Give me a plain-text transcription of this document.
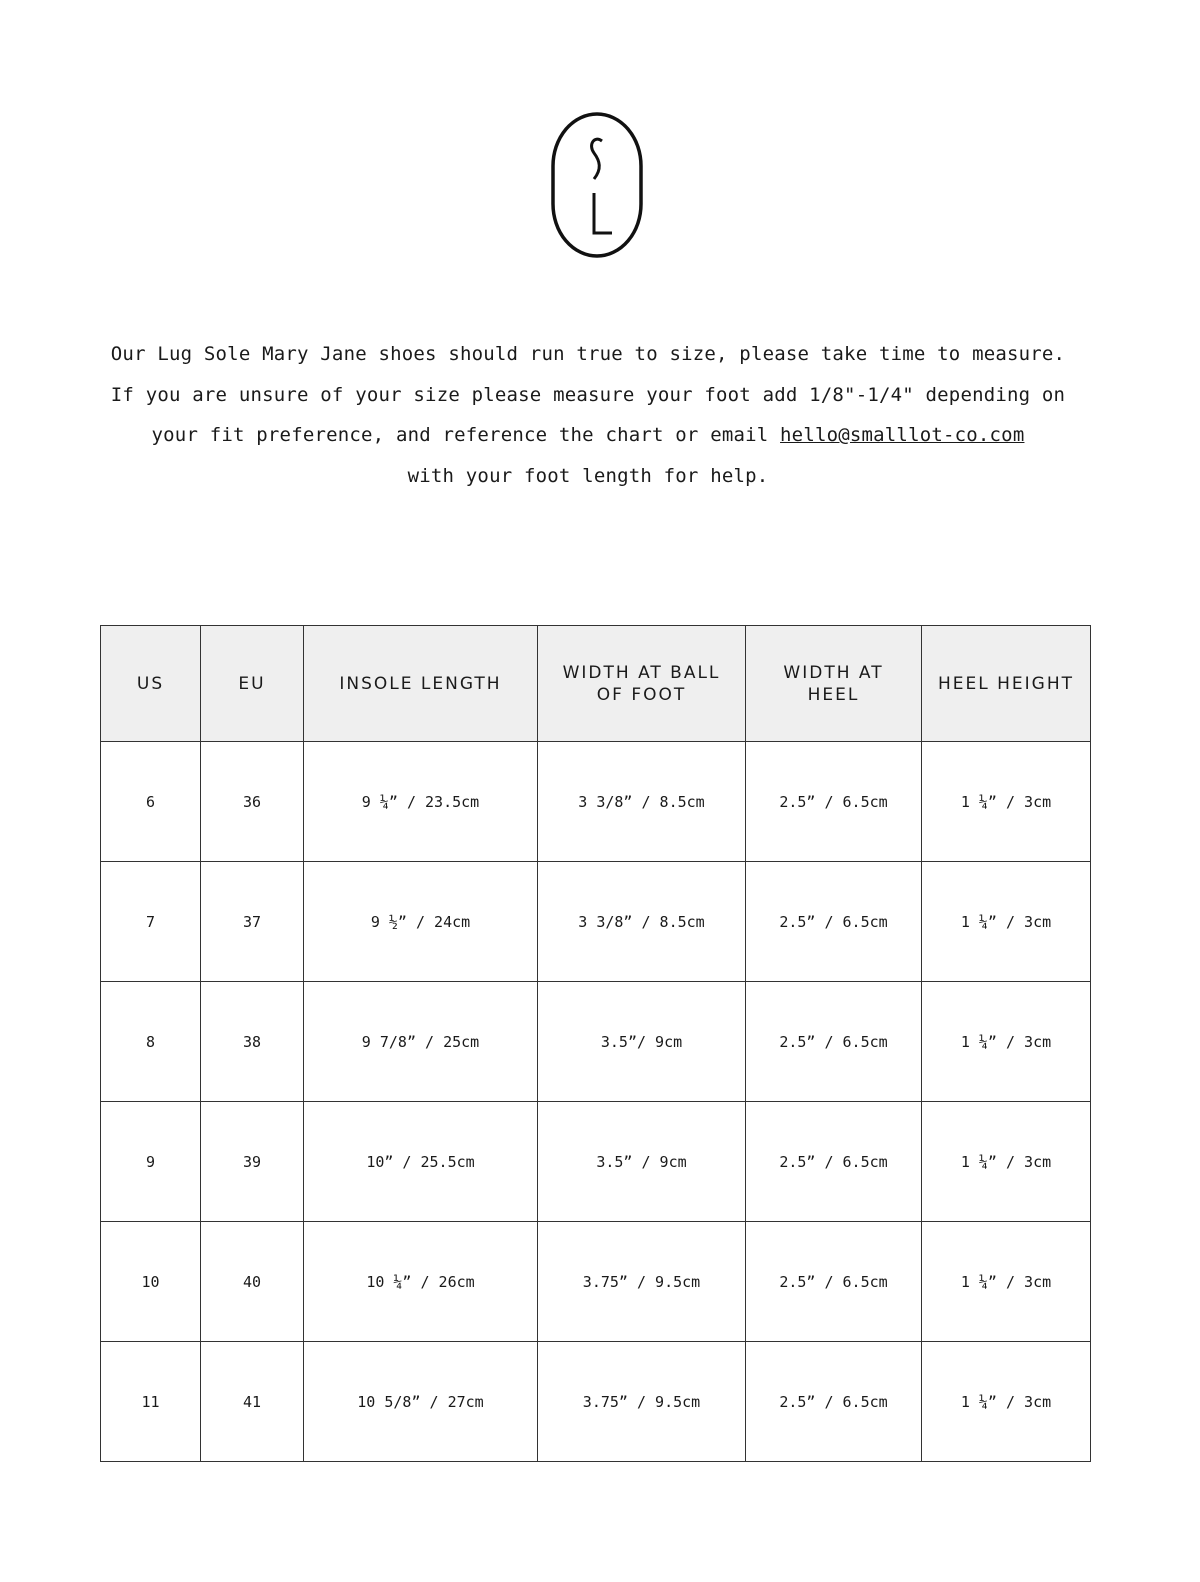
Our Lug Sole Mary Jane shoes should run true to size, please take time to measure.
If you are unsure of your size please measure your foot add 1/8"-1/4" depending on
your fit preference, and reference the chart or email hello@smalllot-co.com
with your foot length for help.
US	EU	INSOLE LENGTH	WIDTH AT BALL OF FOOT	WIDTH AT HEEL	HEEL HEIGHT
6	36	9 ¼” / 23.5cm	3 3/8” / 8.5cm	2.5” / 6.5cm	1 ¼” / 3cm
7	37	9 ½” / 24cm	3 3/8” / 8.5cm	2.5” / 6.5cm	1 ¼” / 3cm
8	38	9 7/8” / 25cm	3.5”/ 9cm	2.5” / 6.5cm	1 ¼” / 3cm
9	39	10” / 25.5cm	3.5” / 9cm	2.5” / 6.5cm	1 ¼” / 3cm
10	40	10 ¼” / 26cm	3.75” / 9.5cm	2.5” / 6.5cm	1 ¼” / 3cm
11	41	10 5/8” / 27cm	3.75” / 9.5cm	2.5” / 6.5cm	1 ¼” / 3cm
